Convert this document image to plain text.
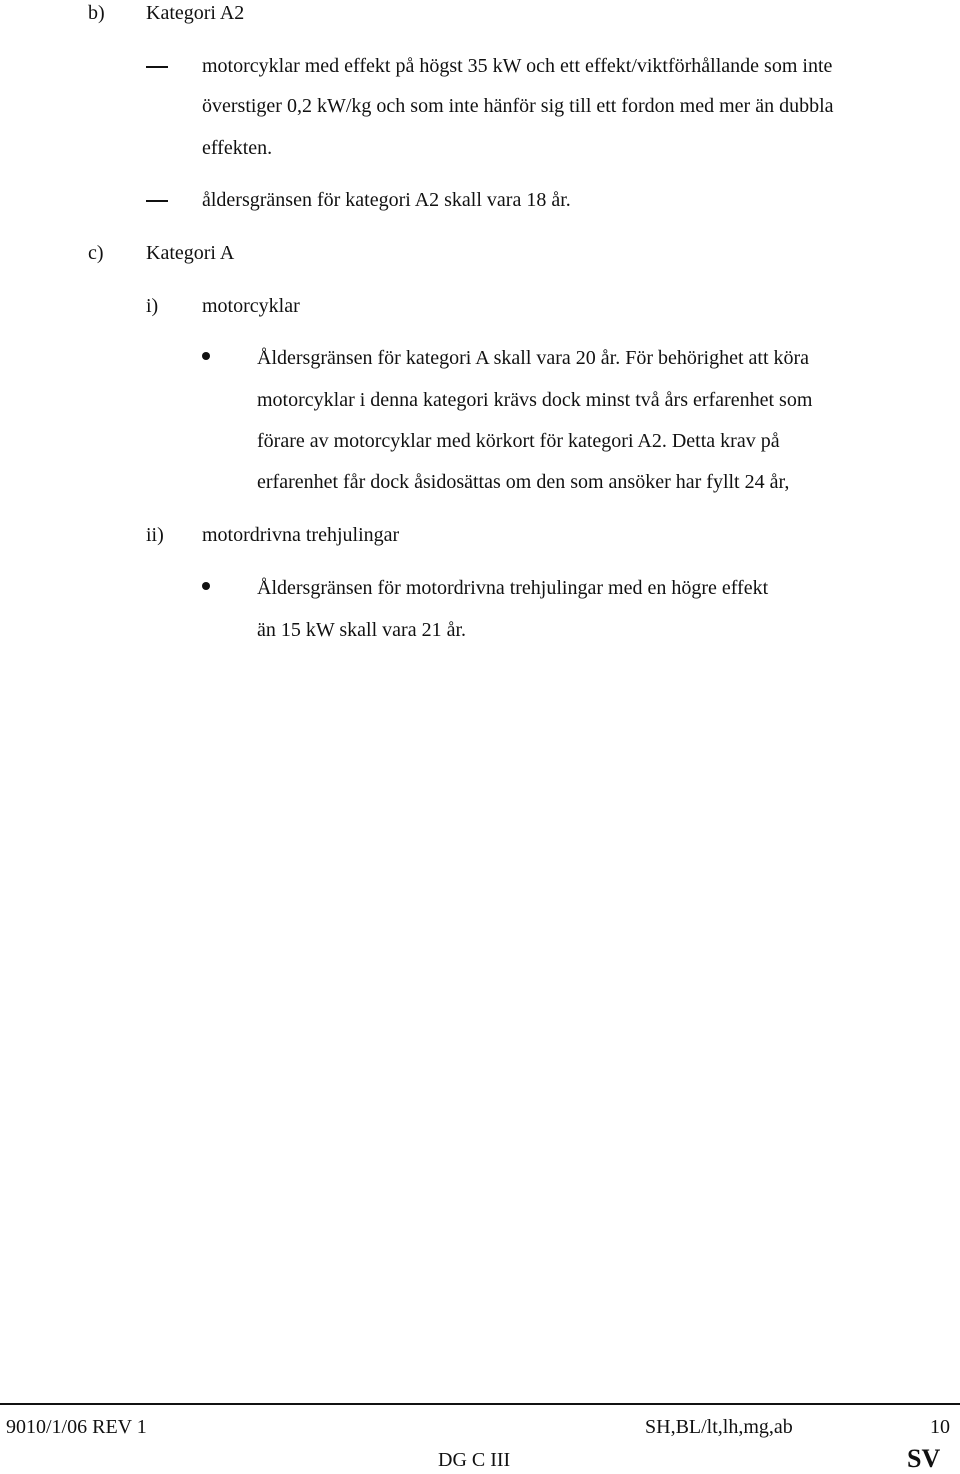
b) Kategori A2
motorcyklar med effekt på högst 35 kW och ett effekt/viktförhållande som inte
överstiger 0,2 kW/kg och som inte hänför sig till ett fordon med mer än dubbla
effekten.
åldersgränsen för kategori A2 skall vara 18 år.
c) Kategori A
i) motorcyklar
Åldersgränsen för kategori A skall vara 20 år. För behörighet att köra
motorcyklar i denna kategori krävs dock minst två års erfarenhet som
förare av motorcyklar med körkort för kategori A2. Detta krav på
erfarenhet får dock åsidosättas om den som ansöker har fyllt 24 år,
ii) motordrivna trehjulingar
Åldersgränsen för motordrivna trehjulingar med en högre effekt
än 15 kW skall vara 21 år.
9010/1/06 REV 1	SH,BL/lt,lh,mg,ab	10
DG C III	SV
